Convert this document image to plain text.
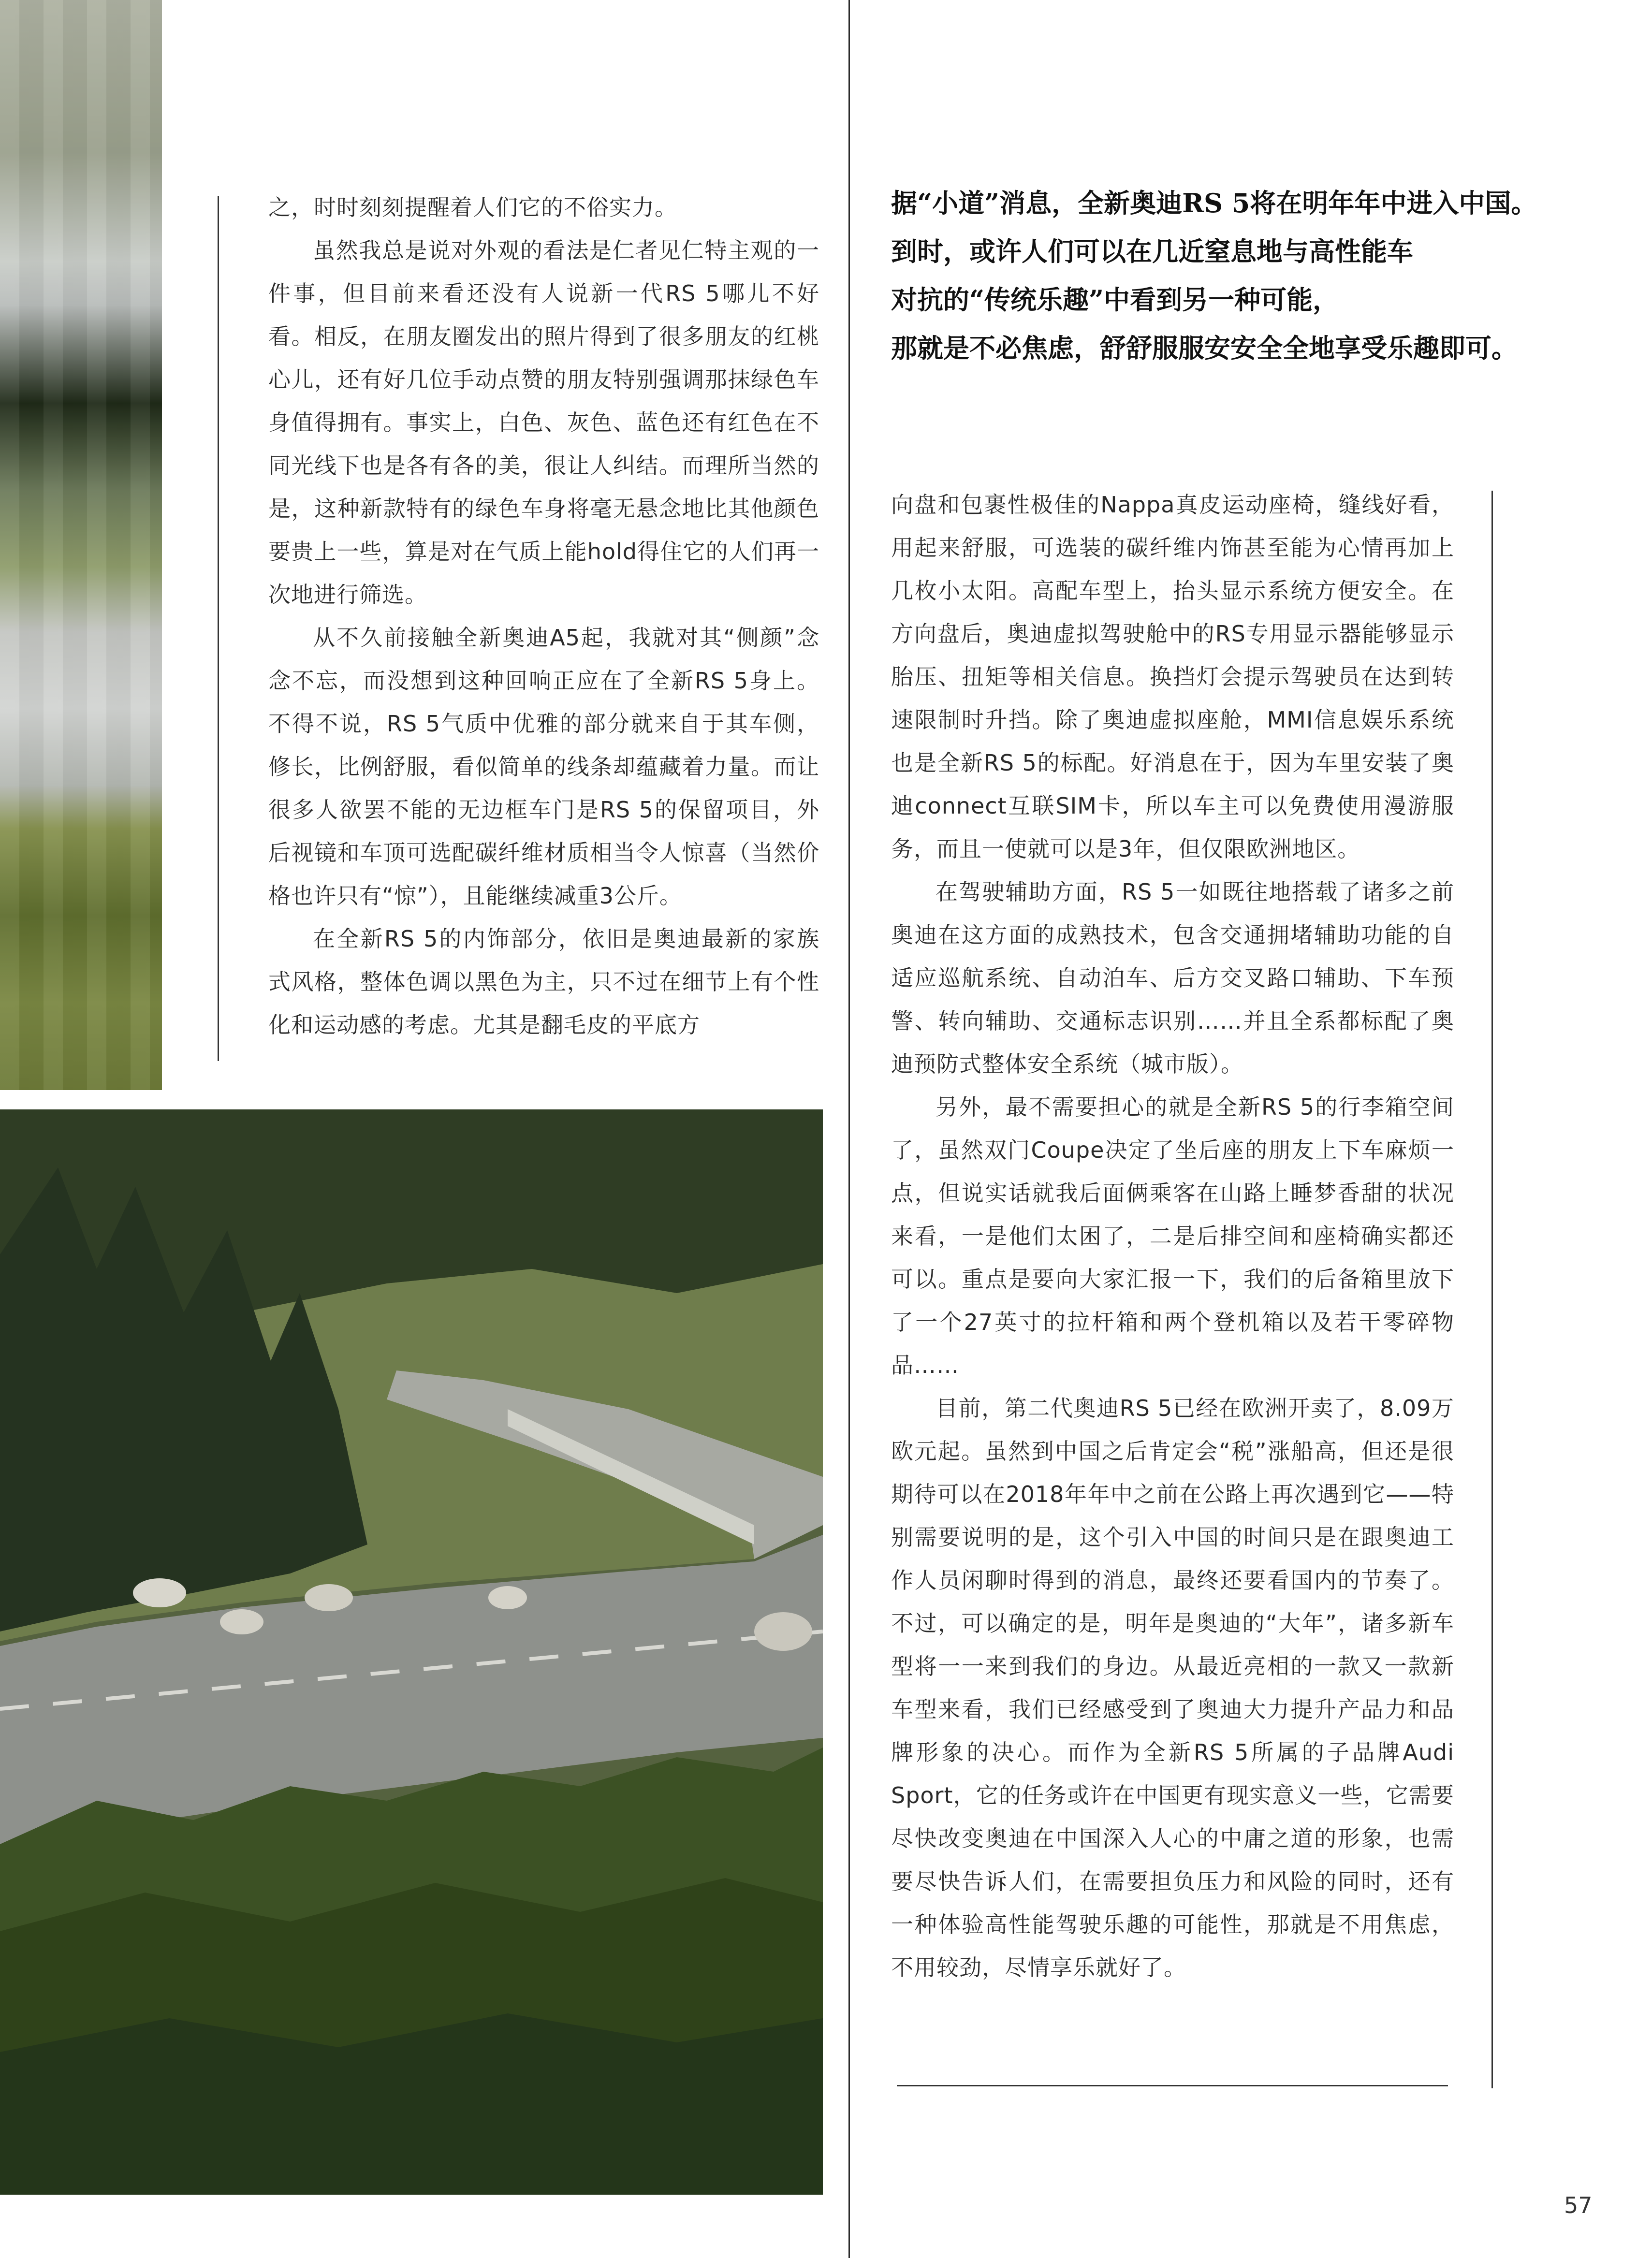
之，时时刻刻提醒着人们它的不俗实力。

虽然我总是说对外观的看法是仁者见仁特主观的一件事，但目前来看还没有人说新一代RS 5哪儿不好看。相反，在朋友圈发出的照片得到了很多朋友的红桃心儿，还有好几位手动点赞的朋友特别强调那抹绿色车身值得拥有。事实上，白色、灰色、蓝色还有红色在不同光线下也是各有各的美，很让人纠结。而理所当然的是，这种新款特有的绿色车身将毫无悬念地比其他颜色要贵上一些，算是对在气质上能hold得住它的人们再一次地进行筛选。

从不久前接触全新奥迪A5起，我就对其“侧颜”念念不忘，而没想到这种回响正应在了全新RS 5身上。不得不说，RS 5气质中优雅的部分就来自于其车侧，修长，比例舒服，看似简单的线条却蕴藏着力量。而让很多人欲罢不能的无边框车门是RS 5的保留项目，外后视镜和车顶可选配碳纤维材质相当令人惊喜（当然价格也许只有“惊”），且能继续减重3公斤。

在全新RS 5的内饰部分，依旧是奥迪最新的家族式风格，整体色调以黑色为主，只不过在细节上有个性化和运动感的考虑。尤其是翻毛皮的平底方

据“小道”消息，全新奥迪RS 5将在明年年中进入中国。
到时，或许人们可以在几近窒息地与高性能车
对抗的“传统乐趣”中看到另一种可能，
那就是不必焦虑，舒舒服服安安全全地享受乐趣即可。

向盘和包裹性极佳的Nappa真皮运动座椅，缝线好看，用起来舒服，可选装的碳纤维内饰甚至能为心情再加上几枚小太阳。高配车型上，抬头显示系统方便安全。在方向盘后，奥迪虚拟驾驶舱中的RS专用显示器能够显示胎压、扭矩等相关信息。换挡灯会提示驾驶员在达到转速限制时升挡。除了奥迪虚拟座舱，MMI信息娱乐系统也是全新RS 5的标配。好消息在于，因为车里安装了奥迪connect互联SIM卡，所以车主可以免费使用漫游服务，而且一使就可以是3年，但仅限欧洲地区。

在驾驶辅助方面，RS 5一如既往地搭载了诸多之前奥迪在这方面的成熟技术，包含交通拥堵辅助功能的自适应巡航系统、自动泊车、后方交叉路口辅助、下车预警、转向辅助、交通标志识别……并且全系都标配了奥迪预防式整体安全系统（城市版）。

另外，最不需要担心的就是全新RS 5的行李箱空间了，虽然双门Coupe决定了坐后座的朋友上下车麻烦一点，但说实话就我后面俩乘客在山路上睡梦香甜的状况来看，一是他们太困了，二是后排空间和座椅确实都还可以。重点是要向大家汇报一下，我们的后备箱里放下了一个27英寸的拉杆箱和两个登机箱以及若干零碎物品……

目前，第二代奥迪RS 5已经在欧洲开卖了，8.09万欧元起。虽然到中国之后肯定会“税”涨船高，但还是很期待可以在2018年年中之前在公路上再次遇到它——特别需要说明的是，这个引入中国的时间只是在跟奥迪工作人员闲聊时得到的消息，最终还要看国内的节奏了。不过，可以确定的是，明年是奥迪的“大年”，诸多新车型将一一来到我们的身边。从最近亮相的一款又一款新车型来看，我们已经感受到了奥迪大力提升产品力和品牌形象的决心。而作为全新RS 5所属的子品牌Audi Sport，它的任务或许在中国更有现实意义一些，它需要尽快改变奥迪在中国深入人心的中庸之道的形象，也需要尽快告诉人们，在需要担负压力和风险的同时，还有一种体验高性能驾驶乐趣的可能性，那就是不用焦虑，不用较劲，尽情享乐就好了。

57
